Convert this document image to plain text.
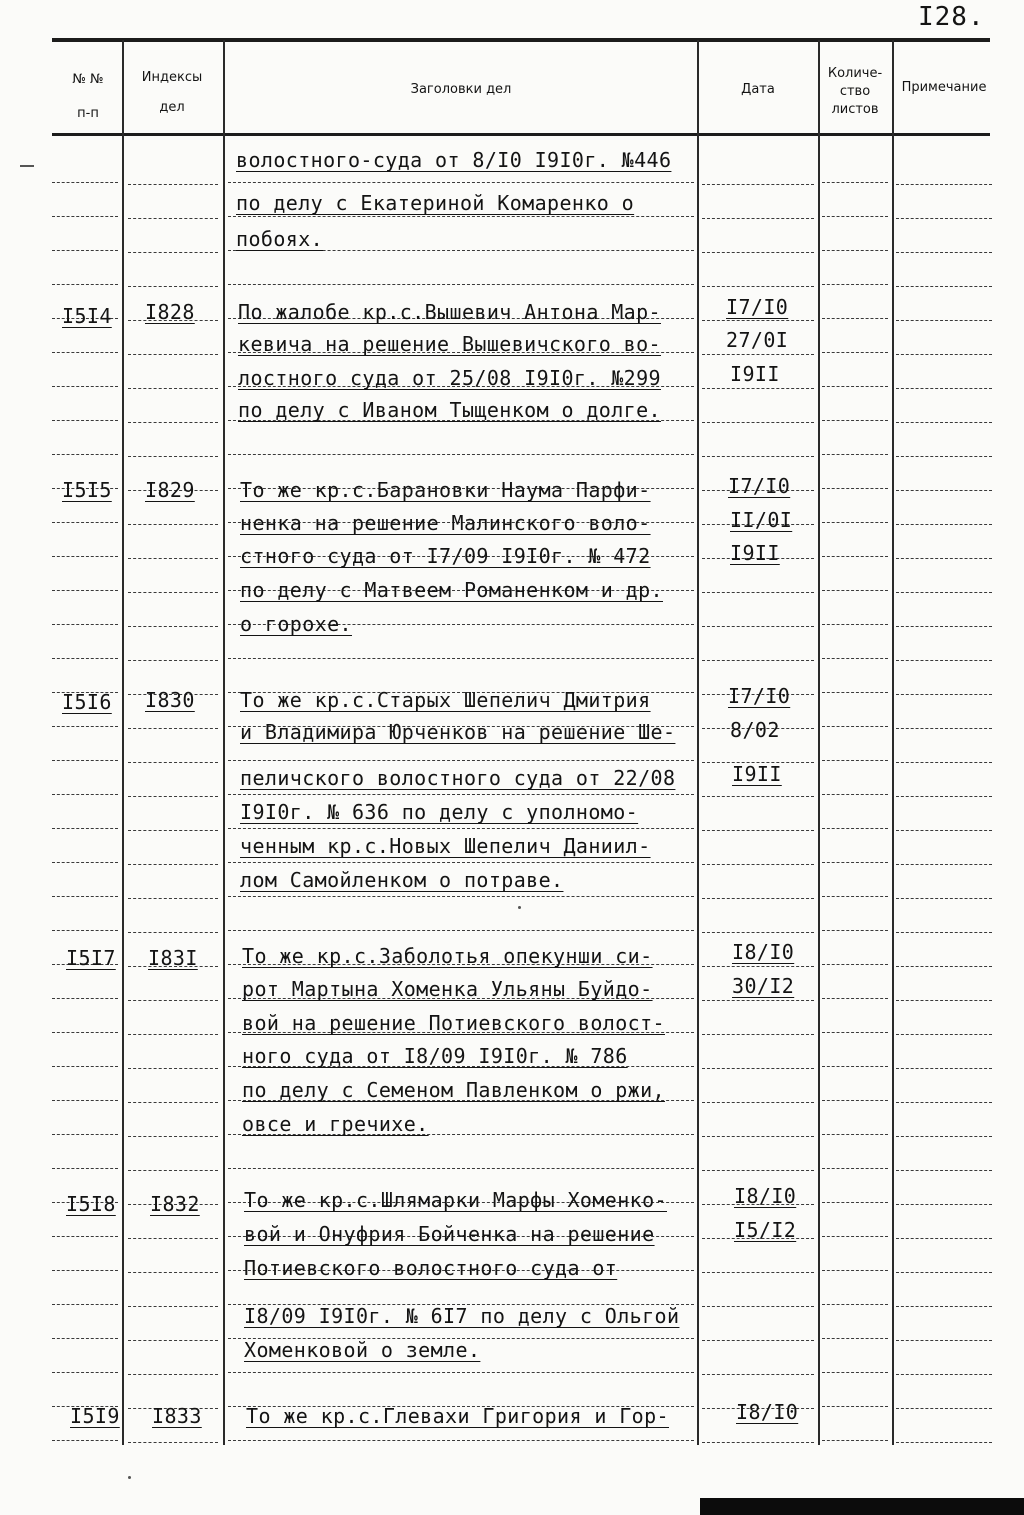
I28.
№ №
п-п
Индексы
дел
Заголовки дел	Дата
Количе-
ство
листов
Примечание
волостного-суда от 8/I0 I9I0г. №446
по делу с Екатериной Комаренко о
побоях.
I5I4 I828 По жалобе кр.с.Вышевич Антона Мар-
кевича на решение Вышевичского во-
лостного суда от 25/08 I9I0г. №299
по делу с Иваном Тыщенком о долге.
I7/I0
27/0I
I9II
I5I5 I829 То же кр.с.Барановки Наума Парфи-
ненка на решение Малинского воло-
стного суда от I7/09 I9I0г. № 472
по делу с Матвеем Романенком и др.
о горохе.
I7/I0
II/0I
I9II
I5I6 I830 То же кр.с.Старых Шепелич Дмитрия
и Владимира Юрченков на решение Ше-
пеличского волостного суда от 22/08
I9I0г. № 636 по делу с уполномо-
ченным кр.с.Новых Шепелич Даниил-
лом Самойленком о потраве.
I7/I0
8/02
I9II
I5I7 I83I То же кр.с.Заболотья опекунши си-
рот Мартына Хоменка Ульяны Буйдо-
вой на решение Потиевского волост-
ного суда от I8/09 I9I0г. № 786
по делу с Семеном Павленком о ржи,
овсе и гречихе.
I8/I0
30/I2
I5I8 I832 То же кр.с.Шлямарки Марфы Хоменко-
вой и Онуфрия Бойченка на решение
Потиевского волостного суда от
I8/09 I9I0г. № 6I7 по делу с Ольгой
Хоменковой о земле.
I8/I0
I5/I2
I5I9 I833 То же кр.с.Глевахи Григория и Гор-	I8/I0
